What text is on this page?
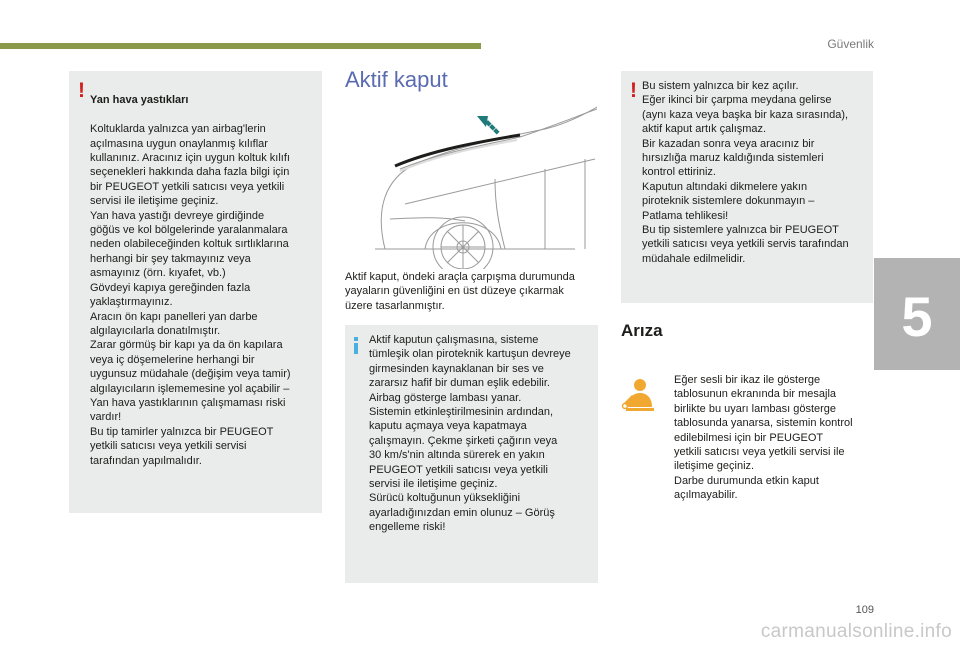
Güvenlik
5
! Yan hava yastıkları

Koltuklarda yalnızca yan airbag'lerin
açılmasına uygun onaylanmış kılıflar
kullanınız. Aracınız için uygun koltuk kılıfı
seçenekleri hakkında daha fazla bilgi için
bir PEUGEOT yetkili satıcısı veya yetkili
servisi ile iletişime geçiniz.
Yan hava yastığı devreye girdiğinde
göğüs ve kol bölgelerinde yaralanmalara
neden olabileceğinden koltuk sırtlıklarına
herhangi bir şey takmayınız veya
asmayınız (örn. kıyafet, vb.)
Gövdeyi kapıya gereğinden fazla
yaklaştırmayınız.
Aracın ön kapı panelleri yan darbe
algılayıcılarla donatılmıştır.
Zarar görmüş bir kapı ya da ön kapılara
veya iç döşemelerine herhangi bir
uygunsuz müdahale (değişim veya tamir)
algılayıcıların işlememesine yol açabilir –
Yan hava yastıklarının çalışmaması riski
vardır!
Bu tip tamirler yalnızca bir PEUGEOT
yetkili satıcısı veya yetkili servisi
tarafından yapılmalıdır.

Aktif kaput
Aktif kaput, öndeki araçla çarpışma durumunda
yayaların güvenliğini en üst düzeye çıkarmak
üzere tasarlanmıştır.
Aktif kaputun çalışmasına, sisteme
tümleşik olan piroteknik kartuşun devreye
girmesinden kaynaklanan bir ses ve
zararsız hafif bir duman eşlik edebilir.
Airbag gösterge lambası yanar.
Sistemin etkinleştirilmesinin ardından,
kaputu açmaya veya kapatmaya
çalışmayın. Çekme şirketi çağırın veya
30 km/s'nin altında sürerek en yakın
PEUGEOT yetkili satıcısı veya yetkili
servisi ile iletişime geçiniz.
Sürücü koltuğunun yüksekliğini
ayarladığınızdan emin olunuz – Görüş
engelleme riski!
! Bu sistem yalnızca bir kez açılır.
Eğer ikinci bir çarpma meydana gelirse
(aynı kaza veya başka bir kaza sırasında),
aktif kaput artık çalışmaz.
Bir kazadan sonra veya aracınız bir
hırsızlığa maruz kaldığında sistemleri
kontrol ettiriniz.
Kaputun altındaki dikmelere yakın
piroteknik sistemlere dokunmayın –
Patlama tehlikesi!
Bu tip sistemlere yalnızca bir PEUGEOT
yetkili satıcısı veya yetkili servis tarafından
müdahale edilmelidir.
Arıza
Eğer sesli bir ikaz ile gösterge
tablosunun ekranında bir mesajla
birlikte bu uyarı lambası gösterge
tablosunda yanarsa, sistemin kontrol
edilebilmesi için bir PEUGEOT
yetkili satıcısı veya yetkili servisi ile
iletişime geçiniz.
Darbe durumunda etkin kaput
açılmayabilir.
109
carmanualsonline.info
